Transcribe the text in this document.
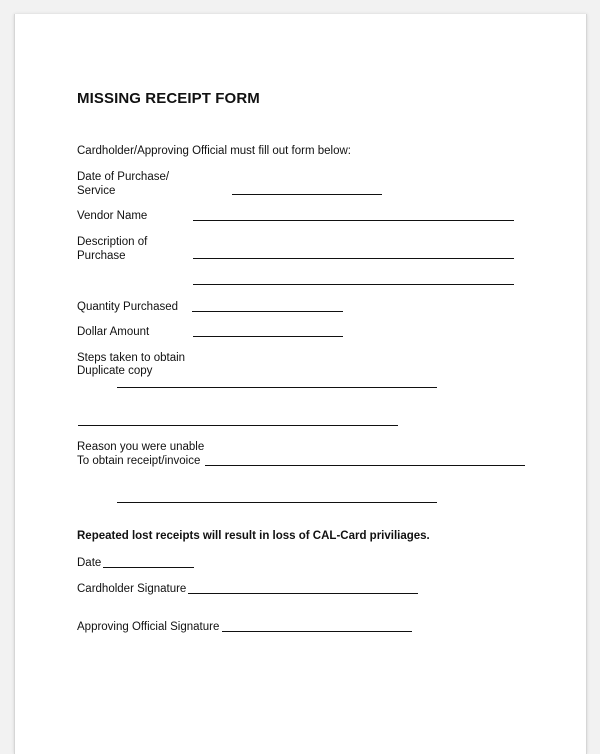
MISSING RECEIPT FORM
Cardholder/Approving Official must fill out form below:
Date of Purchase/
Service
Vendor Name
Description of
Purchase
Quantity Purchased
Dollar Amount
Steps taken to obtain
Duplicate copy
Reason you were unable
To obtain receipt/invoice
Repeated lost receipts will result in loss of CAL-Card priviliages.
Date
Cardholder Signature
Approving Official Signature
